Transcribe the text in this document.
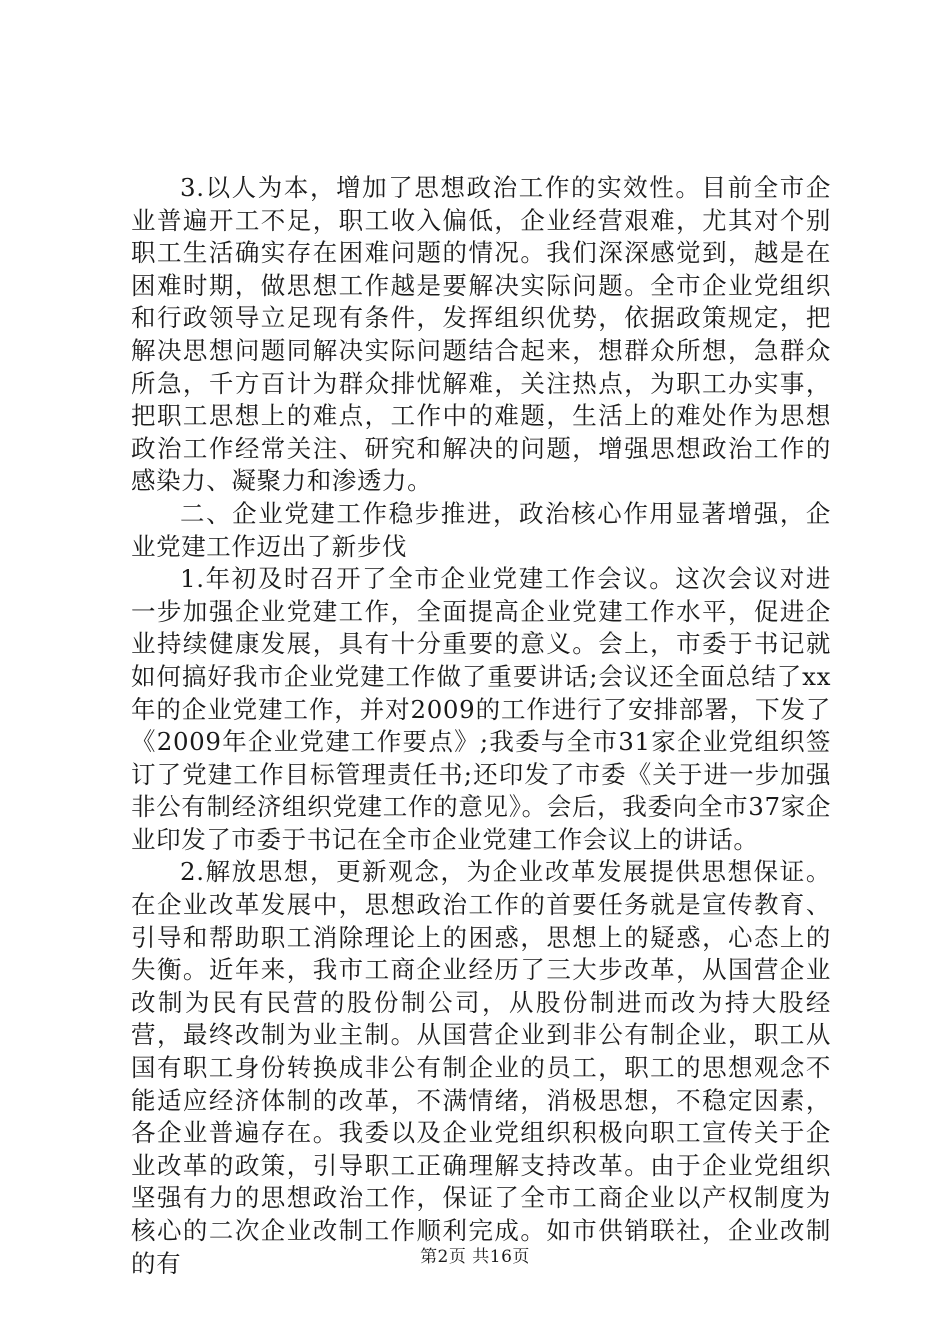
3.以人为本，增加了思想政治工作的实效性。目前全市企业普遍开工不足，职工收入偏低，企业经营艰难，尤其对个别职工生活确实存在困难问题的情况。我们深深感觉到，越是在困难时期，做思想工作越是要解决实际问题。全市企业党组织和行政领导立足现有条件，发挥组织优势，依据政策规定，把解决思想问题同解决实际问题结合起来，想群众所想，急群众所急，千方百计为群众排忧解难，关注热点，为职工办实事，把职工思想上的难点，工作中的难题，生活上的难处作为思想政治工作经常关注、研究和解决的问题，增强思想政治工作的感染力、凝聚力和渗透力。

二、企业党建工作稳步推进，政治核心作用显著增强，企业党建工作迈出了新步伐

1.年初及时召开了全市企业党建工作会议。这次会议对进一步加强企业党建工作，全面提高企业党建工作水平，促进企业持续健康发展，具有十分重要的意义。会上，市委于书记就如何搞好我市企业党建工作做了重要讲话;会议还全面总结了xx年的企业党建工作，并对2009的工作进行了安排部署，下发了《2009年企业党建工作要点》;我委与全市31家企业党组织签订了党建工作目标管理责任书;还印发了市委《关于进一步加强非公有制经济组织党建工作的意见》。会后，我委向全市37家企业印发了市委于书记在全市企业党建工作会议上的讲话。

2.解放思想，更新观念，为企业改革发展提供思想保证。在企业改革发展中，思想政治工作的首要任务就是宣传教育、引导和帮助职工消除理论上的困惑，思想上的疑惑，心态上的失衡。近年来，我市工商企业经历了三大步改革，从国营企业改制为民有民营的股份制公司，从股份制进而改为持大股经营，最终改制为业主制。从国营企业到非公有制企业，职工从国有职工身份转换成非公有制企业的员工，职工的思想观念不能适应经济体制的改革，不满情绪，消极思想，不稳定因素，各企业普遍存在。我委以及企业党组织积极向职工宣传关于企业改革的政策，引导职工正确理解支持改革。由于企业党组织坚强有力的思想政治工作，保证了全市工商企业以产权制度为核心的二次企业改制工作顺利完成。如市供销联社，企业改制的有	第2页 共16页
